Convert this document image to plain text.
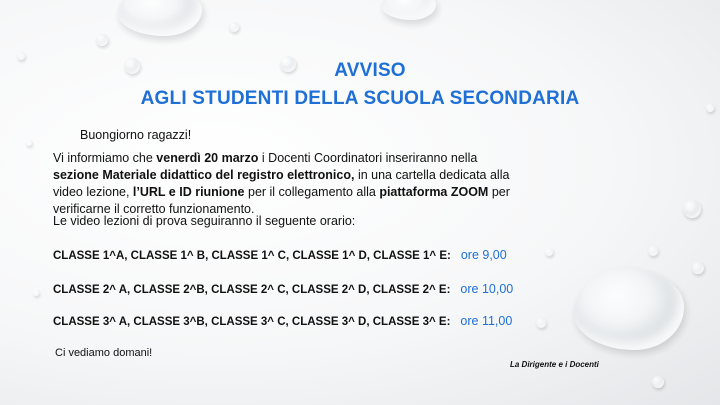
AVVISO
AGLI STUDENTI DELLA SCUOLA SECONDARIA
Buongiorno ragazzi!
Vi informiamo che venerdì 20 marzo i Docenti Coordinatori inseriranno nella sezione Materiale didattico del registro elettronico, in una cartella dedicata alla video lezione, l’URL e ID riunione per il collegamento alla piattaforma ZOOM per verificarne il corretto funzionamento.
Le video lezioni di prova seguiranno il seguente orario:
CLASSE 1^A, CLASSE 1^ B, CLASSE 1^ C, CLASSE 1^ D, CLASSE 1^ E: ore 9,00
CLASSE 2^ A, CLASSE 2^B, CLASSE 2^ C, CLASSE 2^ D, CLASSE 2^ E: ore 10,00
CLASSE 3^ A, CLASSE 3^B, CLASSE 3^ C, CLASSE 3^ D, CLASSE 3^ E: ore 11,00
Ci vediamo domani!
La Dirigente e i Docenti
